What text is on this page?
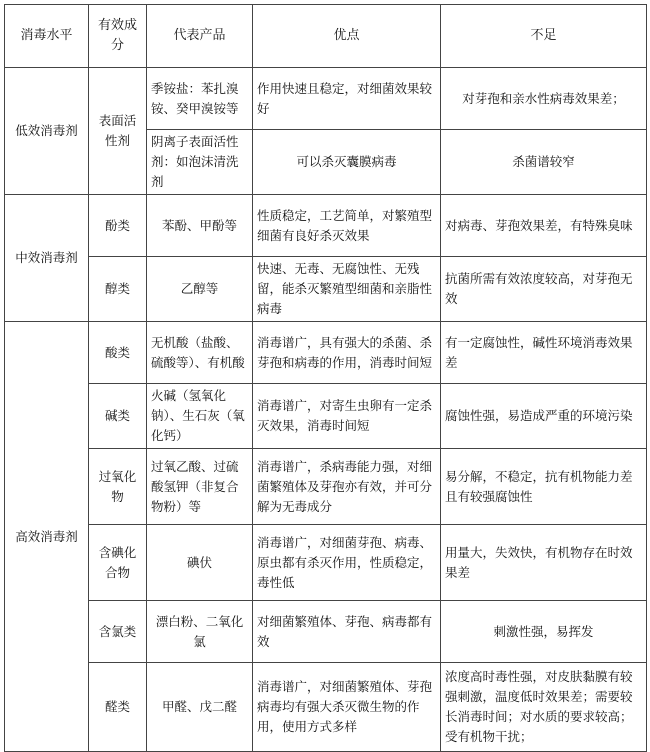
消毒水平	有效成分	代表产品	优点	不足
低效消毒剂	表面活性剂	季铵盐：苯扎溴铵、癸甲溴铵等	作用快速且稳定，对细菌效果较好	对芽孢和亲水性病毒效果差；
		阴离子表面活性剂：如泡沫清洗剂	可以杀灭囊膜病毒	杀菌谱较窄
中效消毒剂	酚类	苯酚、甲酚等	性质稳定，工艺简单，对繁殖型细菌有良好杀灭效果	对病毒、芽孢效果差，有特殊臭味
	醇类	乙醇等	快速、无毒、无腐蚀性、无残留，能杀灭繁殖型细菌和亲脂性病毒	抗菌所需有效浓度较高，对芽孢无效
高效消毒剂	酸类	无机酸（盐酸、硫酸等）、有机酸	消毒谱广，具有强大的杀菌、杀芽孢和病毒的作用，消毒时间短	有一定腐蚀性，碱性环境消毒效果差
	碱类	火碱（氢氧化钠）、生石灰（氧化钙）	消毒谱广，对寄生虫卵有一定杀灭效果，消毒时间短	腐蚀性强，易造成严重的环境污染
	过氧化物	过氧乙酸、过硫酸氢钾（非复合物粉）等	消毒谱广，杀病毒能力强，对细菌繁殖体及芽孢亦有效，并可分解为无毒成分	易分解，不稳定，抗有机物能力差且有较强腐蚀性
	含碘化合物	碘伏	消毒谱广，对细菌芽孢、病毒、原虫都有杀灭作用，性质稳定，毒性低	用量大，失效快，有机物存在时效果差
	含氯类	漂白粉、二氧化氯	对细菌繁殖体、芽孢、病毒都有效	刺激性强，易挥发
	醛类	甲醛、戊二醛	消毒谱广，对细菌繁殖体、芽孢病毒均有强大杀灭微生物的作用，使用方式多样	浓度高时毒性强，对皮肤黏膜有较强刺激，温度低时效果差；需要较长消毒时间；对水质的要求较高；受有机物干扰；
